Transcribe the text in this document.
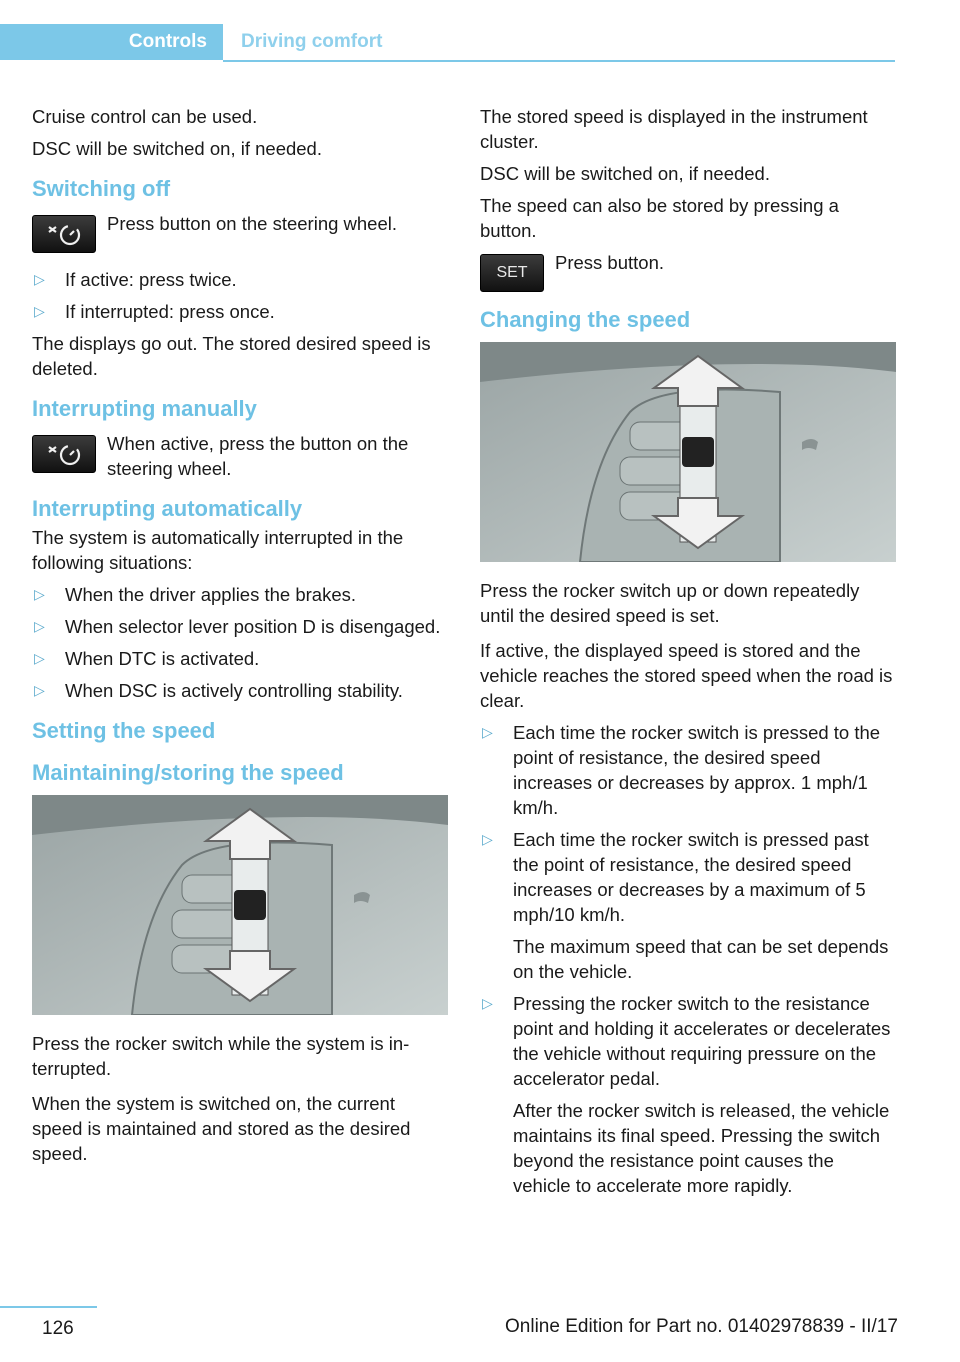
Controls Driving comfort

Cruise control can be used.

DSC will be switched on, if needed.

Switching off
Press button on the steering wheel.
▷ If active: press twice.
▷ If interrupted: press once.

The displays go out. The stored desired speed is deleted.

Interrupting manually
When active, press the button on the steering wheel.
Interrupting automatically

The system is automatically interrupted in the following situations:

▷ When the driver applies the brakes.
▷ When selector lever position D is disengaged.
▷ When DTC is activated.
▷ When DSC is actively controlling stability.
Setting the speed
Maintaining/storing the speed

Press the rocker switch while the system is interrupted.

When the system is switched on, the current speed is maintained and stored as the desired speed.

The stored speed is displayed in the instrument cluster.

DSC will be switched on, if needed.

The speed can also be stored by pressing a button.

SET Press button.
Changing the speed

Press the rocker switch up or down repeatedly until the desired speed is set.

If active, the displayed speed is stored and the vehicle reaches the stored speed when the road is clear.

▷ Each time the rocker switch is pressed to the point of resistance, the desired speed increases or decreases by approx. 1 mph/1 km/h.
▷ Each time the rocker switch is pressed past the point of resistance, the desired speed increases or decreases by a maximum of 5 mph/10 km/h.

The maximum speed that can be set depends on the vehicle.

▷ Pressing the rocker switch to the resistance point and holding it accelerates or decelerates the vehicle without requiring pressure on the accelerator pedal.

After the rocker switch is released, the vehicle maintains its final speed. Pressing the switch beyond the resistance point causes the vehicle to accelerate more rapidly.

126	Online Edition for Part no. 01402978839 - II/17
